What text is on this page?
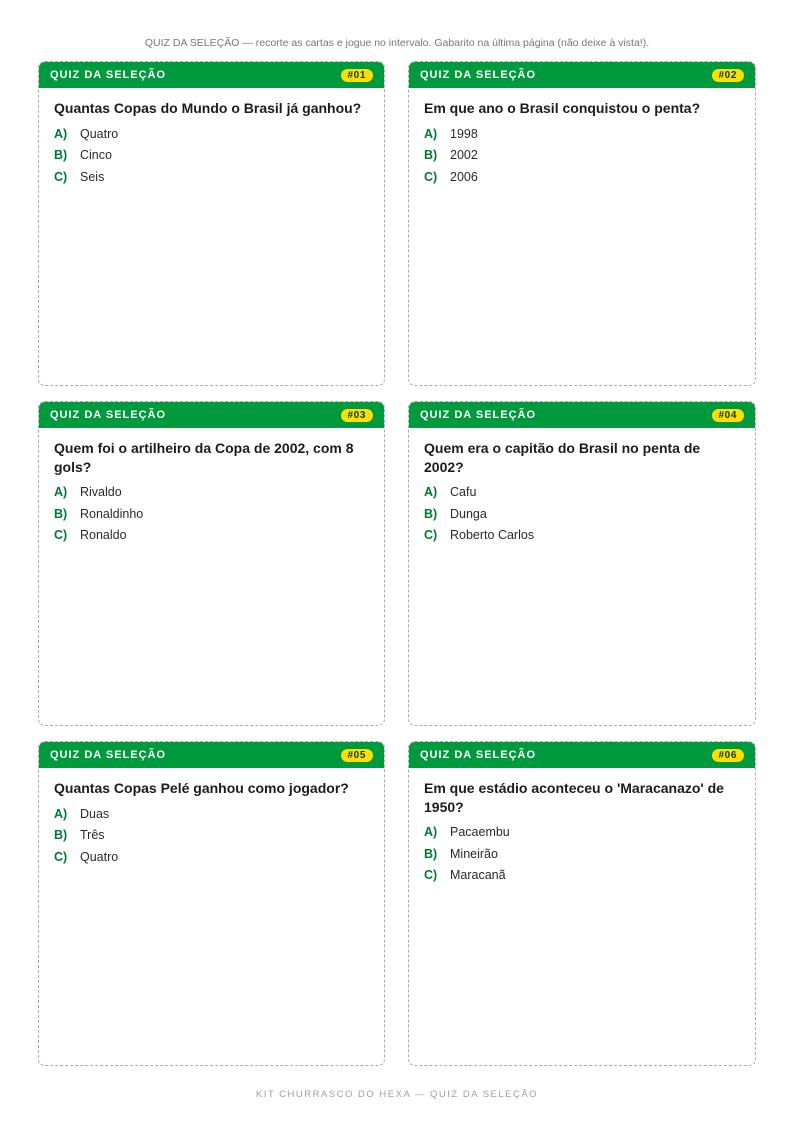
QUIZ DA SELEÇÃO — recorte as cartas e jogue no intervalo. Gabarito na última página (não deixe à vista!).
QUIZ DA SELEÇÃO	#01
Quantas Copas do Mundo o Brasil já ganhou?
A)	Quatro
B)	Cinco
C)	Seis
QUIZ DA SELEÇÃO	#02
Em que ano o Brasil conquistou o penta?
A)	1998
B)	2002
C)	2006
QUIZ DA SELEÇÃO	#03
Quem foi o artilheiro da Copa de 2002, com 8 gols?
A)	Rivaldo
B)	Ronaldinho
C)	Ronaldo
QUIZ DA SELEÇÃO	#04
Quem era o capitão do Brasil no penta de 2002?
A)	Cafu
B)	Dunga
C)	Roberto Carlos
QUIZ DA SELEÇÃO	#05
Quantas Copas Pelé ganhou como jogador?
A)	Duas
B)	Três
C)	Quatro
QUIZ DA SELEÇÃO	#06
Em que estádio aconteceu o 'Maracanazo' de 1950?
A)	Pacaembu
B)	Mineirão
C)	Maracanã
KIT CHURRASCO DO HEXA — QUIZ DA SELEÇÃO
